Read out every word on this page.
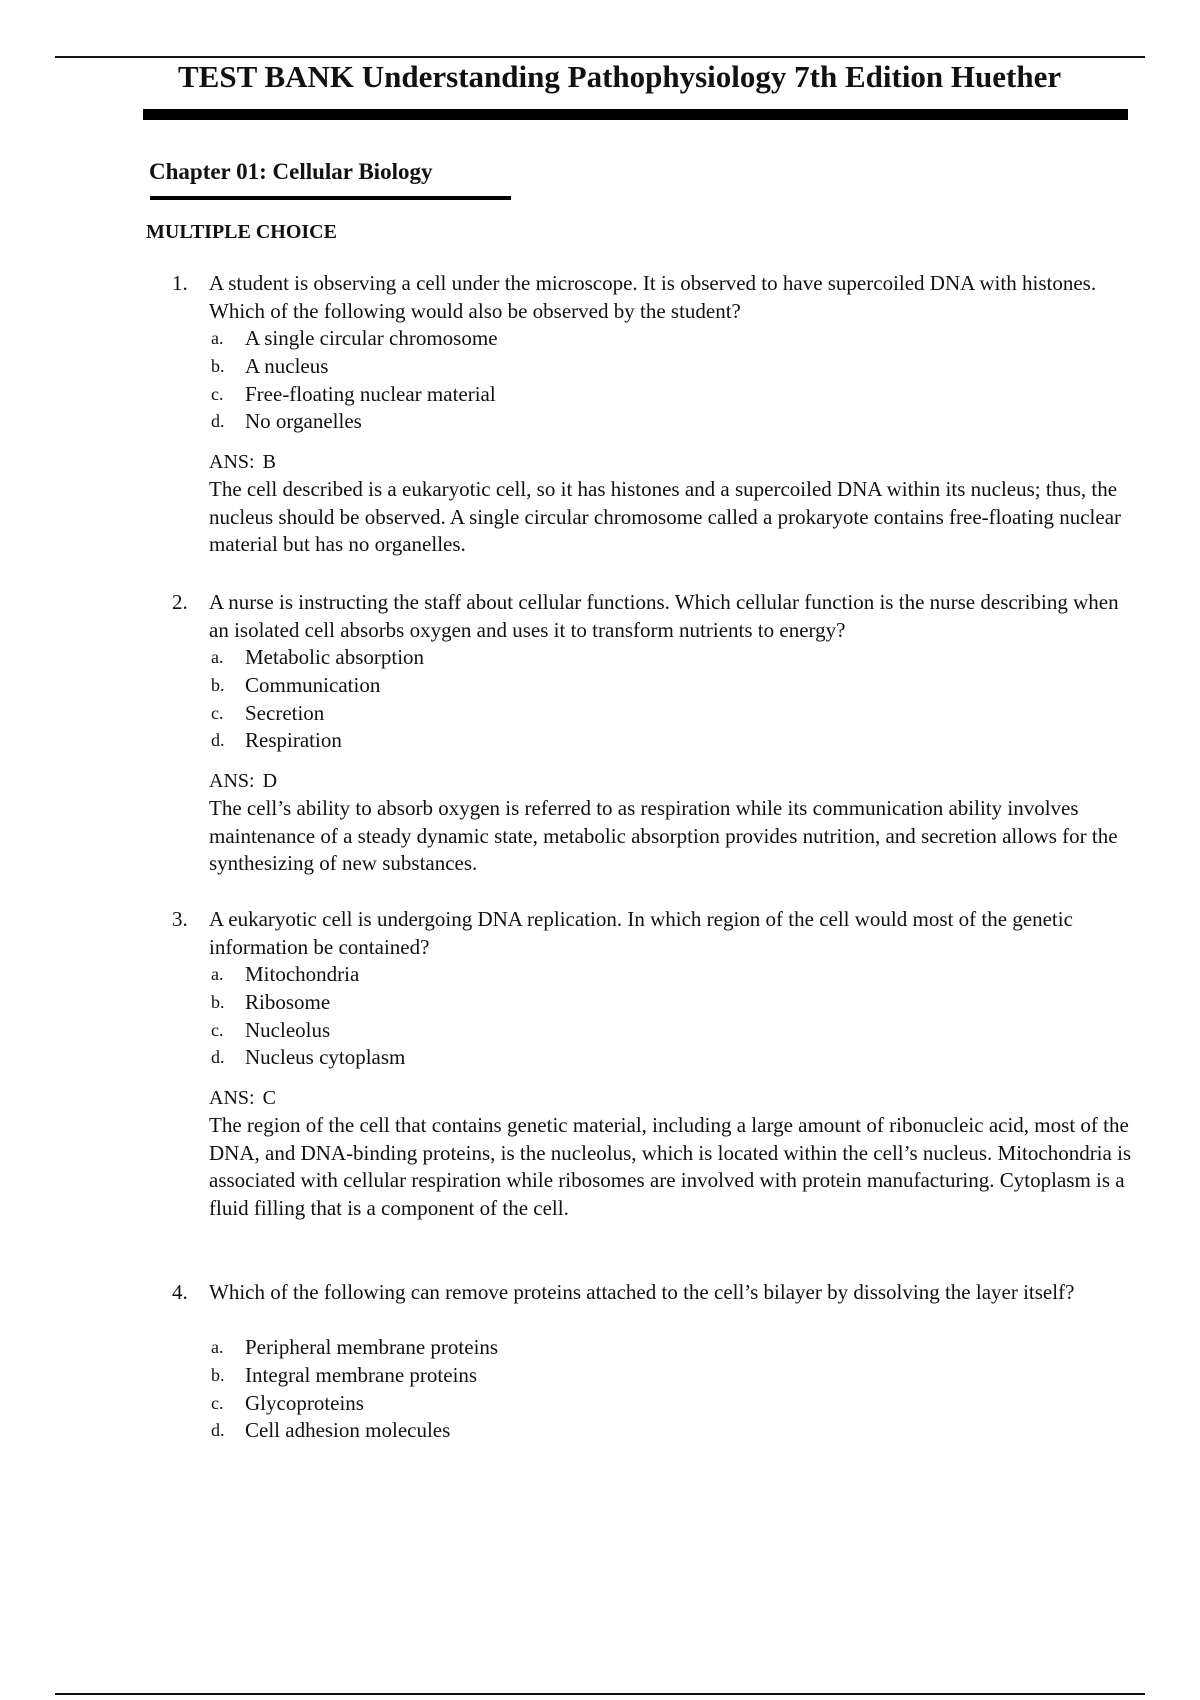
TEST BANK Understanding Pathophysiology 7th Edition Huether
Chapter 01: Cellular Biology
MULTIPLE CHOICE
1. A student is observing a cell under the microscope. It is observed to have supercoiled DNA with histones. Which of the following would also be observed by the student?
a. A single circular chromosome
b. A nucleus
c. Free-floating nuclear material
d. No organelles
ANS: B
The cell described is a eukaryotic cell, so it has histones and a supercoiled DNA within its nucleus; thus, the nucleus should be observed. A single circular chromosome called a prokaryote contains free-floating nuclear material but has no organelles.
2. A nurse is instructing the staff about cellular functions. Which cellular function is the nurse describing when an isolated cell absorbs oxygen and uses it to transform nutrients to energy?
a. Metabolic absorption
b. Communication
c. Secretion
d. Respiration
ANS: D
The cell’s ability to absorb oxygen is referred to as respiration while its communication ability involves maintenance of a steady dynamic state, metabolic absorption provides nutrition, and secretion allows for the synthesizing of new substances.
3. A eukaryotic cell is undergoing DNA replication. In which region of the cell would most of the genetic information be contained?
a. Mitochondria
b. Ribosome
c. Nucleolus
d. Nucleus cytoplasm
ANS: C
The region of the cell that contains genetic material, including a large amount of ribonucleic acid, most of the DNA, and DNA-binding proteins, is the nucleolus, which is located within the cell’s nucleus. Mitochondria is associated with cellular respiration while ribosomes are involved with protein manufacturing. Cytoplasm is a fluid filling that is a component of the cell.
4. Which of the following can remove proteins attached to the cell’s bilayer by dissolving the layer itself?
a. Peripheral membrane proteins
b. Integral membrane proteins
c. Glycoproteins
d. Cell adhesion molecules
